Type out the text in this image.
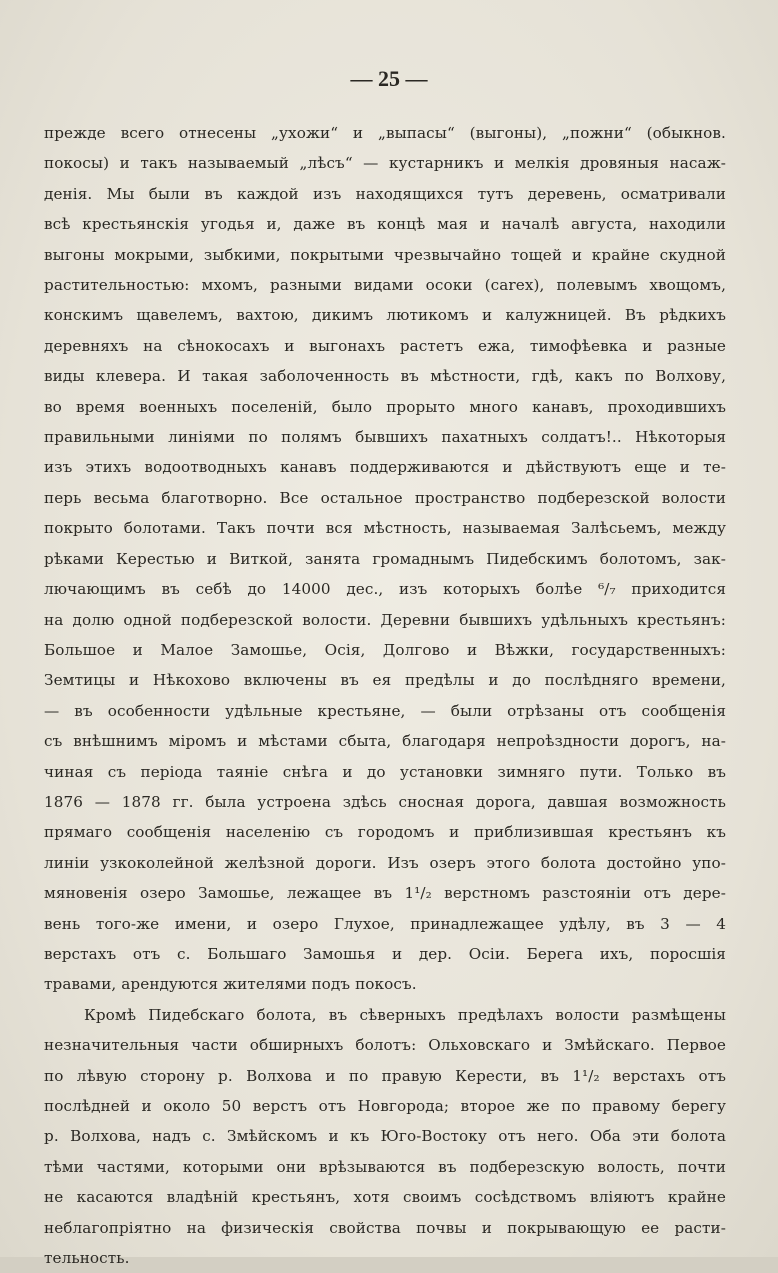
— 25 —
прежде всего отнесены „ухожи“ и „выпасы“ (выгоны), „пожни“ (обыкнов.
покосы) и такъ называемый „лѣсъ“ — кустарникъ и мелкія дровяныя насаж-
денія. Мы были въ каждой изъ находящихся тутъ деревень, осматривали
всѣ крестьянскія угодья и, даже въ концѣ мая и началѣ августа, находили
выгоны мокрыми, зыбкими, покрытыми чрезвычайно тощей и крайне скудной
растительностью: мхомъ, разными видами осоки (carex), полевымъ хвощомъ,
конскимъ щавелемъ, вахтою, дикимъ лютикомъ и калужницей. Въ рѣдкихъ
деревняхъ на сѣнокосахъ и выгонахъ растетъ ежа, тимофѣевка и разные
виды клевера. И такая заболоченность въ мѣстности, гдѣ, какъ по Волхову,
во время военныхъ поселеній, было прорыто много канавъ, проходившихъ
правильными линіями по полямъ бывшихъ пахатныхъ солдатъ!.. Нѣкоторыя
изъ этихъ водоотводныхъ канавъ поддерживаются и дѣйствуютъ еще и те-
перь весьма благотворно. Все остальное пространство подберезской волости
покрыто болотами. Такъ почти вся мѣстность, называемая Залѣсьемъ, между
рѣками Керестью и Виткой, занята громаднымъ Пидебскимъ болотомъ, зак-
лючающимъ въ себѣ до 14000 дес., изъ которыхъ болѣе ⁶/₇ приходится
на долю одной подберезской волости. Деревни бывшихъ удѣльныхъ крестьянъ:
Большое и Малое Замошье, Осія, Долгово и Вѣжки, государственныхъ:
Земтицы и Нѣкохово включены въ ея предѣлы и до послѣдняго времени,
— въ особенности удѣльные крестьяне, — были отрѣзаны отъ сообщенія
съ внѣшнимъ міромъ и мѣстами сбыта, благодаря непроѣздности дорогъ, на-
чиная съ періода таяніе снѣга и до установки зимняго пути. Только въ
1876 — 1878 гг. была устроена здѣсь сносная дорога, давшая возможность
прямаго сообщенія населенію съ городомъ и приблизившая крестьянъ къ
линіи узкоколейной желѣзной дороги. Изъ озеръ этого болота достойно упо-
мяновенія озеро Замошье, лежащее въ 1¹/₂ верстномъ разстояніи отъ дере-
вень того-же имени, и озеро Глухое, принадлежащее удѣлу, въ 3 — 4
верстахъ отъ с. Большаго Замошья и дер. Осіи. Берега ихъ, поросшія
травами, арендуются жителями подъ покосъ.
Кромѣ Пидебскаго болота, въ сѣверныхъ предѣлахъ волости размѣщены
незначительныя части обширныхъ болотъ: Ольховскаго и Змѣйскаго. Первое
по лѣвую сторону р. Волхова и по правую Керести, въ 1¹/₂ верстахъ отъ
послѣдней и около 50 верстъ отъ Новгорода; второе же по правому берегу
р. Волхова, надъ с. Змѣйскомъ и къ Юго-Востоку отъ него. Оба эти болота
тѣми частями, которыми они врѣзываются въ подберезскую волость, почти
не касаются владѣній крестьянъ, хотя своимъ сосѣдствомъ вліяютъ крайне
неблагопріятно на физическія свойства почвы и покрывающую ее расти-
тельность.
